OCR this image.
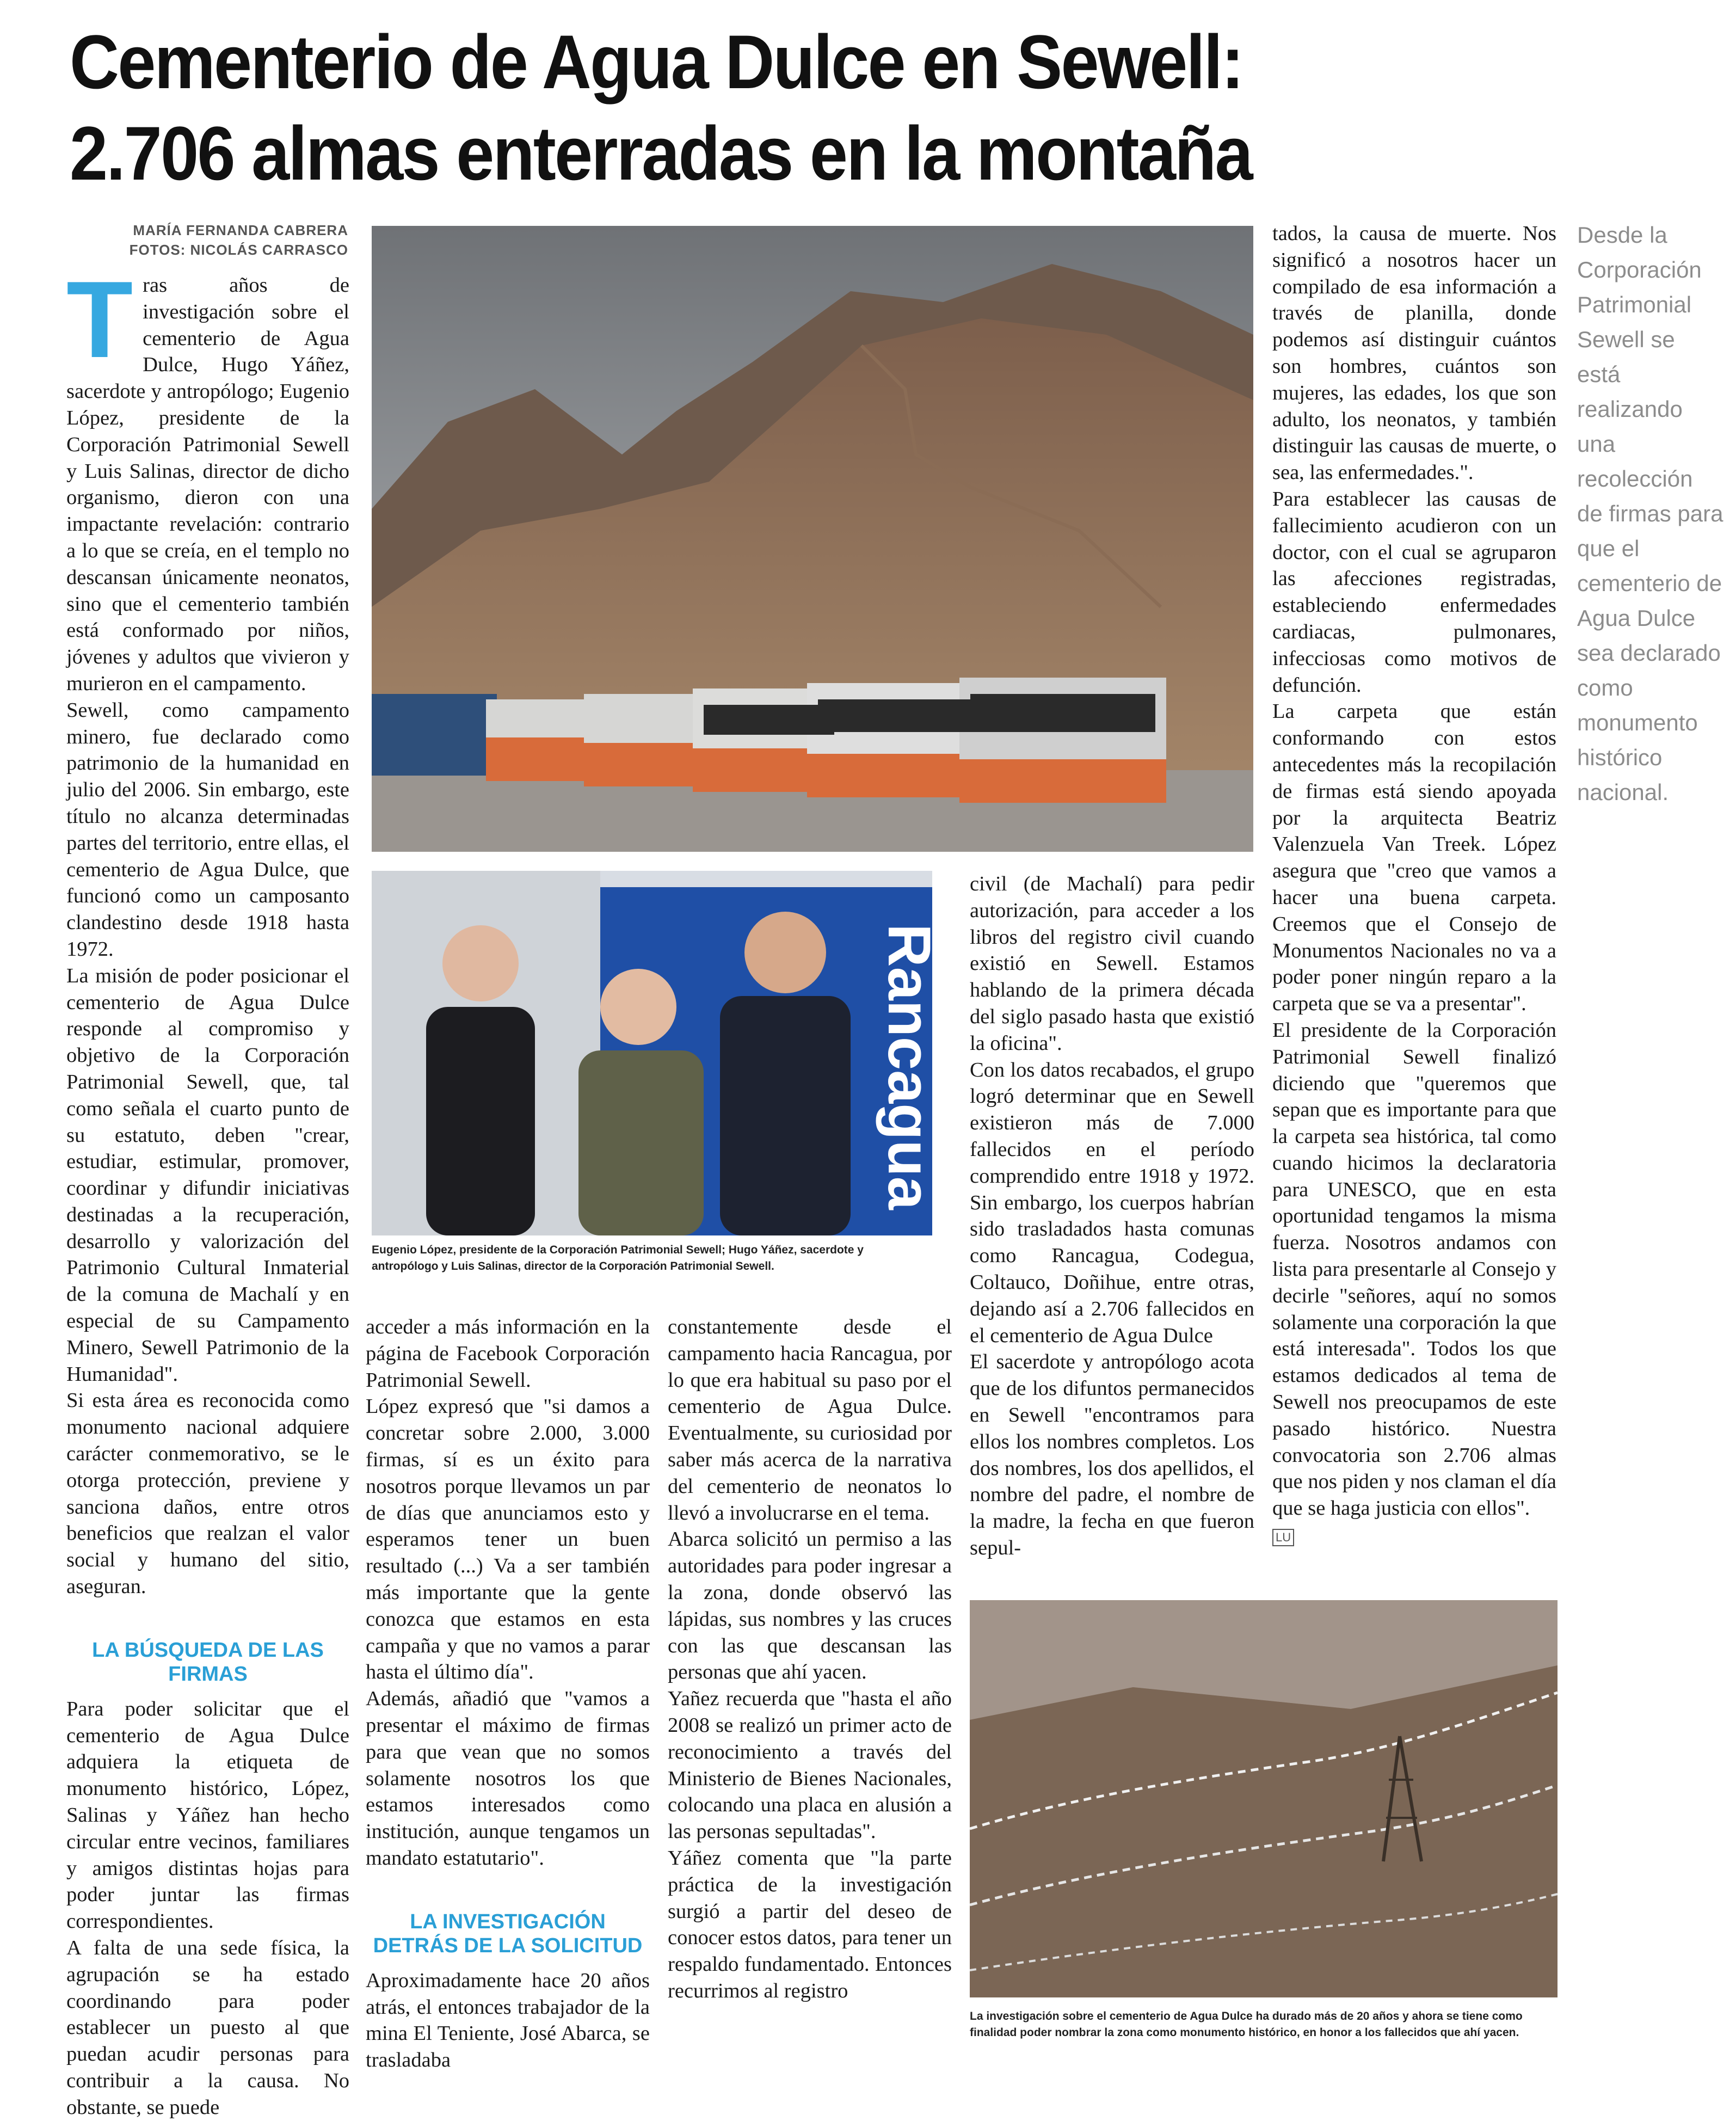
Cementerio de Agua Dulce en Sewell:
2.706 almas enterradas en la montaña
MARÍA FERNANDA CABRERA
FOTOS: NICOLÁS CARRASCO
T ras años de investigación sobre el cementerio de Agua Dulce, Hugo Yáñez, sacerdote y antropólogo; Eugenio López, presidente de la Corporación Patrimonial Sewell y Luis Salinas, director de dicho organismo, dieron con una impactante revelación: contrario a lo que se creía, en el templo no descansan únicamente neonatos, sino que el cementerio también está conformado por niños, jóvenes y adultos que vivieron y murieron en el campamento.

Sewell, como campamento minero, fue declarado como patrimonio de la humanidad en julio del 2006. Sin embargo, este título no alcanza determinadas partes del territorio, entre ellas, el cementerio de Agua Dulce, que funcionó como un camposanto clandestino desde 1918 hasta 1972.

La misión de poder posicionar el cementerio de Agua Dulce responde al compromiso y objetivo de la Corporación Patrimonial Sewell, que, tal como señala el cuarto punto de su estatuto, deben "crear, estudiar, estimular, promover, coordinar y difundir iniciativas destinadas a la recuperación, desarrollo y valorización del Patrimonio Cultural Inmaterial de la comuna de Machalí y en especial de su Campamento Minero, Sewell Patrimonio de la Humanidad".

Si esta área es reconocida como monumento nacional adquiere carácter conmemorativo, se le otorga protección, previene y sanciona daños, entre otros beneficios que realzan el valor social y humano del sitio, aseguran.

LA BÚSQUEDA DE LAS FIRMAS

Para poder solicitar que el cementerio de Agua Dulce adquiera la etiqueta de monumento histórico, López, Salinas y Yáñez han hecho circular entre vecinos, familiares y amigos distintas hojas para poder juntar las firmas correspondientes.

A falta de una sede física, la agrupación se ha estado coordinando para poder establecer un puesto al que puedan acudir personas para contribuir a la causa. No obstante, se puede

Rancagua
Eugenio López, presidente de la Corporación Patrimonial Sewell; Hugo Yáñez, sacerdote y antropólogo y Luis Salinas, director de la Corporación Patrimonial Sewell.

acceder a más información en la página de Facebook Corporación Patrimonial Sewell.

López expresó que "si damos a concretar sobre 2.000, 3.000 firmas, sí es un éxito para nosotros porque llevamos un par de días que anunciamos esto y esperamos tener un buen resultado (...) Va a ser también más importante que la gente conozca que estamos en esta campaña y que no vamos a parar hasta el último día".

Además, añadió que "vamos a presentar el máximo de firmas para que vean que no somos solamente nosotros los que estamos interesados como institución, aunque tengamos un mandato estatutario".

LA INVESTIGACIÓN DETRÁS DE LA SOLICITUD

Aproximadamente hace 20 años atrás, el entonces trabajador de la mina El Teniente, José Abarca, se trasladaba

constantemente desde el campamento hacia Rancagua, por lo que era habitual su paso por el cementerio de Agua Dulce. Eventualmente, su curiosidad por saber más acerca de la narrativa del cementerio de neonatos lo llevó a involucrarse en el tema.

Abarca solicitó un permiso a las autoridades para poder ingresar a la zona, donde observó las lápidas, sus nombres y las cruces con las que descansan las personas que ahí yacen.

Yañez recuerda que "hasta el año 2008 se realizó un primer acto de reconocimiento a través del Ministerio de Bienes Nacionales, colocando una placa en alusión a las personas sepultadas".

Yáñez comenta que "la parte práctica de la investigación surgió a partir del deseo de conocer estos datos, para tener un respaldo fundamentado. Entonces recurrimos al registro

civil (de Machalí) para pedir autorización, para acceder a los libros del registro civil cuando existió en Sewell. Estamos hablando de la primera década del siglo pasado hasta que existió la oficina".

Con los datos recabados, el grupo logró determinar que en Sewell existieron más de 7.000 fallecidos en el período comprendido entre 1918 y 1972. Sin embargo, los cuerpos habrían sido trasladados hasta comunas como Rancagua, Codegua, Coltauco, Doñihue, entre otras, dejando así a 2.706 fallecidos en el cementerio de Agua Dulce

El sacerdote y antropólogo acota que de los difuntos permanecidos en Sewell "encontramos para ellos los nombres completos. Los dos nombres, los dos apellidos, el nombre del padre, el nombre de la madre, la fecha en que fueron sepul-

tados, la causa de muerte. Nos significó a nosotros hacer un compilado de esa información a través de planilla, donde podemos así distinguir cuántos son hombres, cuántos son mujeres, las edades, los que son adulto, los neonatos, y también distinguir las causas de muerte, o sea, las enfermedades.".

Para establecer las causas de fallecimiento acudieron con un doctor, con el cual se agruparon las afecciones registradas, estableciendo enfermedades cardiacas, pulmonares, infecciosas como motivos de defunción.

La carpeta que están conformando con estos antecedentes más la recopilación de firmas está siendo apoyada por la arquitecta Beatriz Valenzuela Van Treek. López asegura que "creo que vamos a hacer una buena carpeta. Creemos que el Consejo de Monumentos Nacionales no va a poder poner ningún reparo a la carpeta que se va a presentar".

El presidente de la Corporación Patrimonial Sewell finalizó diciendo que "queremos que sepan que es importante para que la carpeta sea histórica, tal como cuando hicimos la declaratoria para UNESCO, que en esta oportunidad tengamos la misma fuerza. Nosotros andamos con lista para presentarle al Consejo y decirle "señores, aquí no somos solamente una corporación la que está interesada". Todos los que estamos dedicados al tema de Sewell nos preocupamos de este pasado histórico. Nuestra convocatoria son 2.706 almas que nos piden y nos claman el día que se haga justicia con ellos".

LU
La investigación sobre el cementerio de Agua Dulce ha durado más de 20 años y ahora se tiene como finalidad poder nombrar la zona como monumento histórico, en honor a los fallecidos que ahí yacen.
Desde la Corporación Patrimonial Sewell se está realizando una recolección de firmas para que el cementerio de Agua Dulce sea declarado como monumento histórico nacional.
